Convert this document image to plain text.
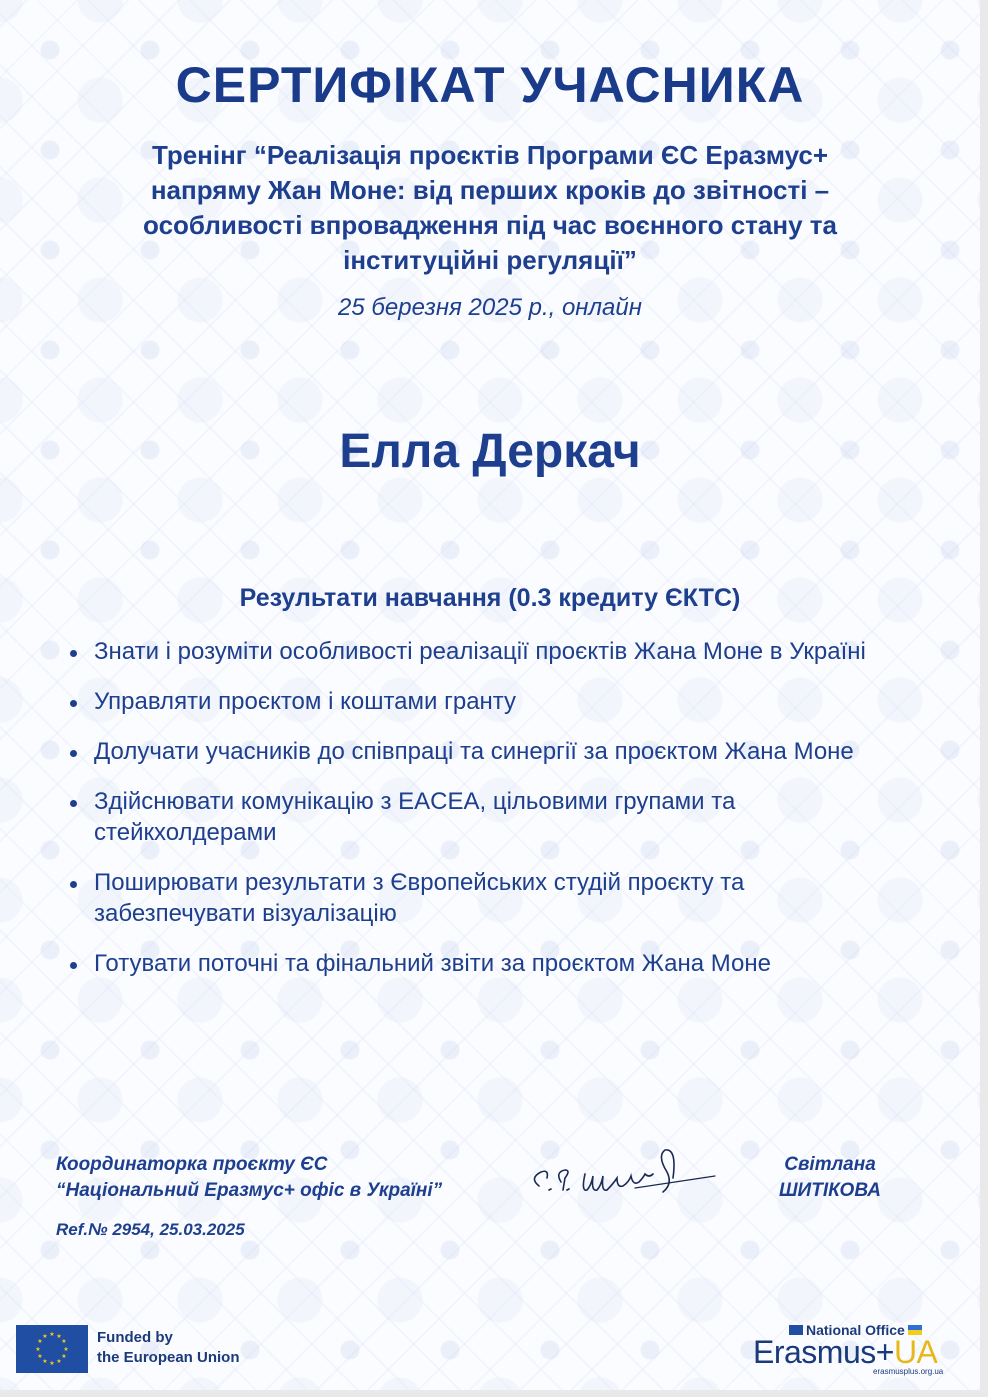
СЕРТИФІКАТ УЧАСНИКА
Тренінг “Реалізація проєктів Програми ЄС Еразмус+ напряму Жан Моне: від перших кроків до звітності – особливості впровадження під час воєнного стану та інституційні регуляції”
25 березня 2025 р., онлайн
Елла Деркач
Результати навчання (0.3 кредиту ЄКТС)
Знати і розуміти особливості реалізації проєктів Жана Моне в Україні
Управляти проєктом і коштами гранту
Долучати учасників до співпраці та синергії за проєктом Жана Моне
Здійснювати комунікацію з EACEA, цільовими групами та стейкхолдерами
Поширювати результати з Європейських студій проєкту та забезпечувати візуалізацію
Готувати поточні та фінальний звіти за проєктом Жана Моне
Координаторка проєкту ЄС
“Національний Еразмус+ офіс в Україні”
Ref.№ 2954, 25.03.2025
Світлана
ШИТІКОВА
★ ★
★
★
★
★
★
★
★
★
★
★	Funded by
the European Union
National Office
Erasmus+UA
erasmusplus.org.ua
